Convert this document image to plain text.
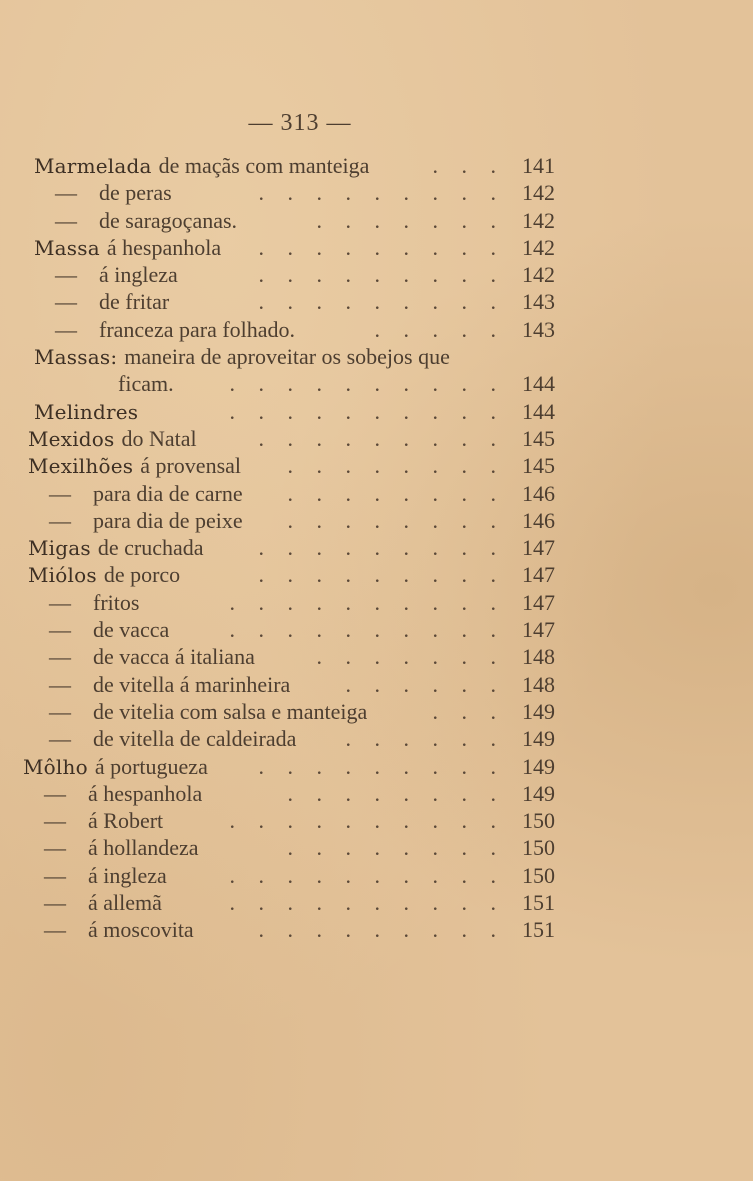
— 313 —
Marmelada de maçãs com manteiga	. . . 141
—	de peras	. . . . . . . . . 142
—	de saragoçanas.	. . . . . . . 142
Massa á hespanhola	. . . . . . . . . 142
—	á ingleza	. . . . . . . . . 142
—	de fritar	. . . . . . . . . 143
—	franceza para folhado.	. . . . . 143
Massas: maneira de aproveitar os sobejos que
ficam.	. . . . . . . . . . 144
Melindres	. . . . . . . . . . 144
Mexidos do Natal	. . . . . . . . . 145
Mexilhões á provensal	. . . . . . . . 145
—	para dia de carne	. . . . . . . . 146
—	para dia de peixe	. . . . . . . . 146
Migas de cruchada	. . . . . . . . . 147
Miólos de porco	. . . . . . . . . 147
—	fritos	. . . . . . . . . . 147
—	de vacca	. . . . . . . . . . 147
—	de vacca á italiana	. . . . . . . 148
—	de vitella á marinheira	. . . . . . 148
—	de vitelia com salsa e manteiga	. . . 149
—	de vitella de caldeirada	. . . . . . 149
Môlho á portugueza	. . . . . . . . . 149
—	á hespanhola	. . . . . . . . 149
—	á Robert	. . . . . . . . . . 150
—	á hollandeza	. . . . . . . . 150
—	á ingleza	. . . . . . . . . . 150
—	á allemã	. . . . . . . . . . 151
—	á moscovita	. . . . . . . . . 151
